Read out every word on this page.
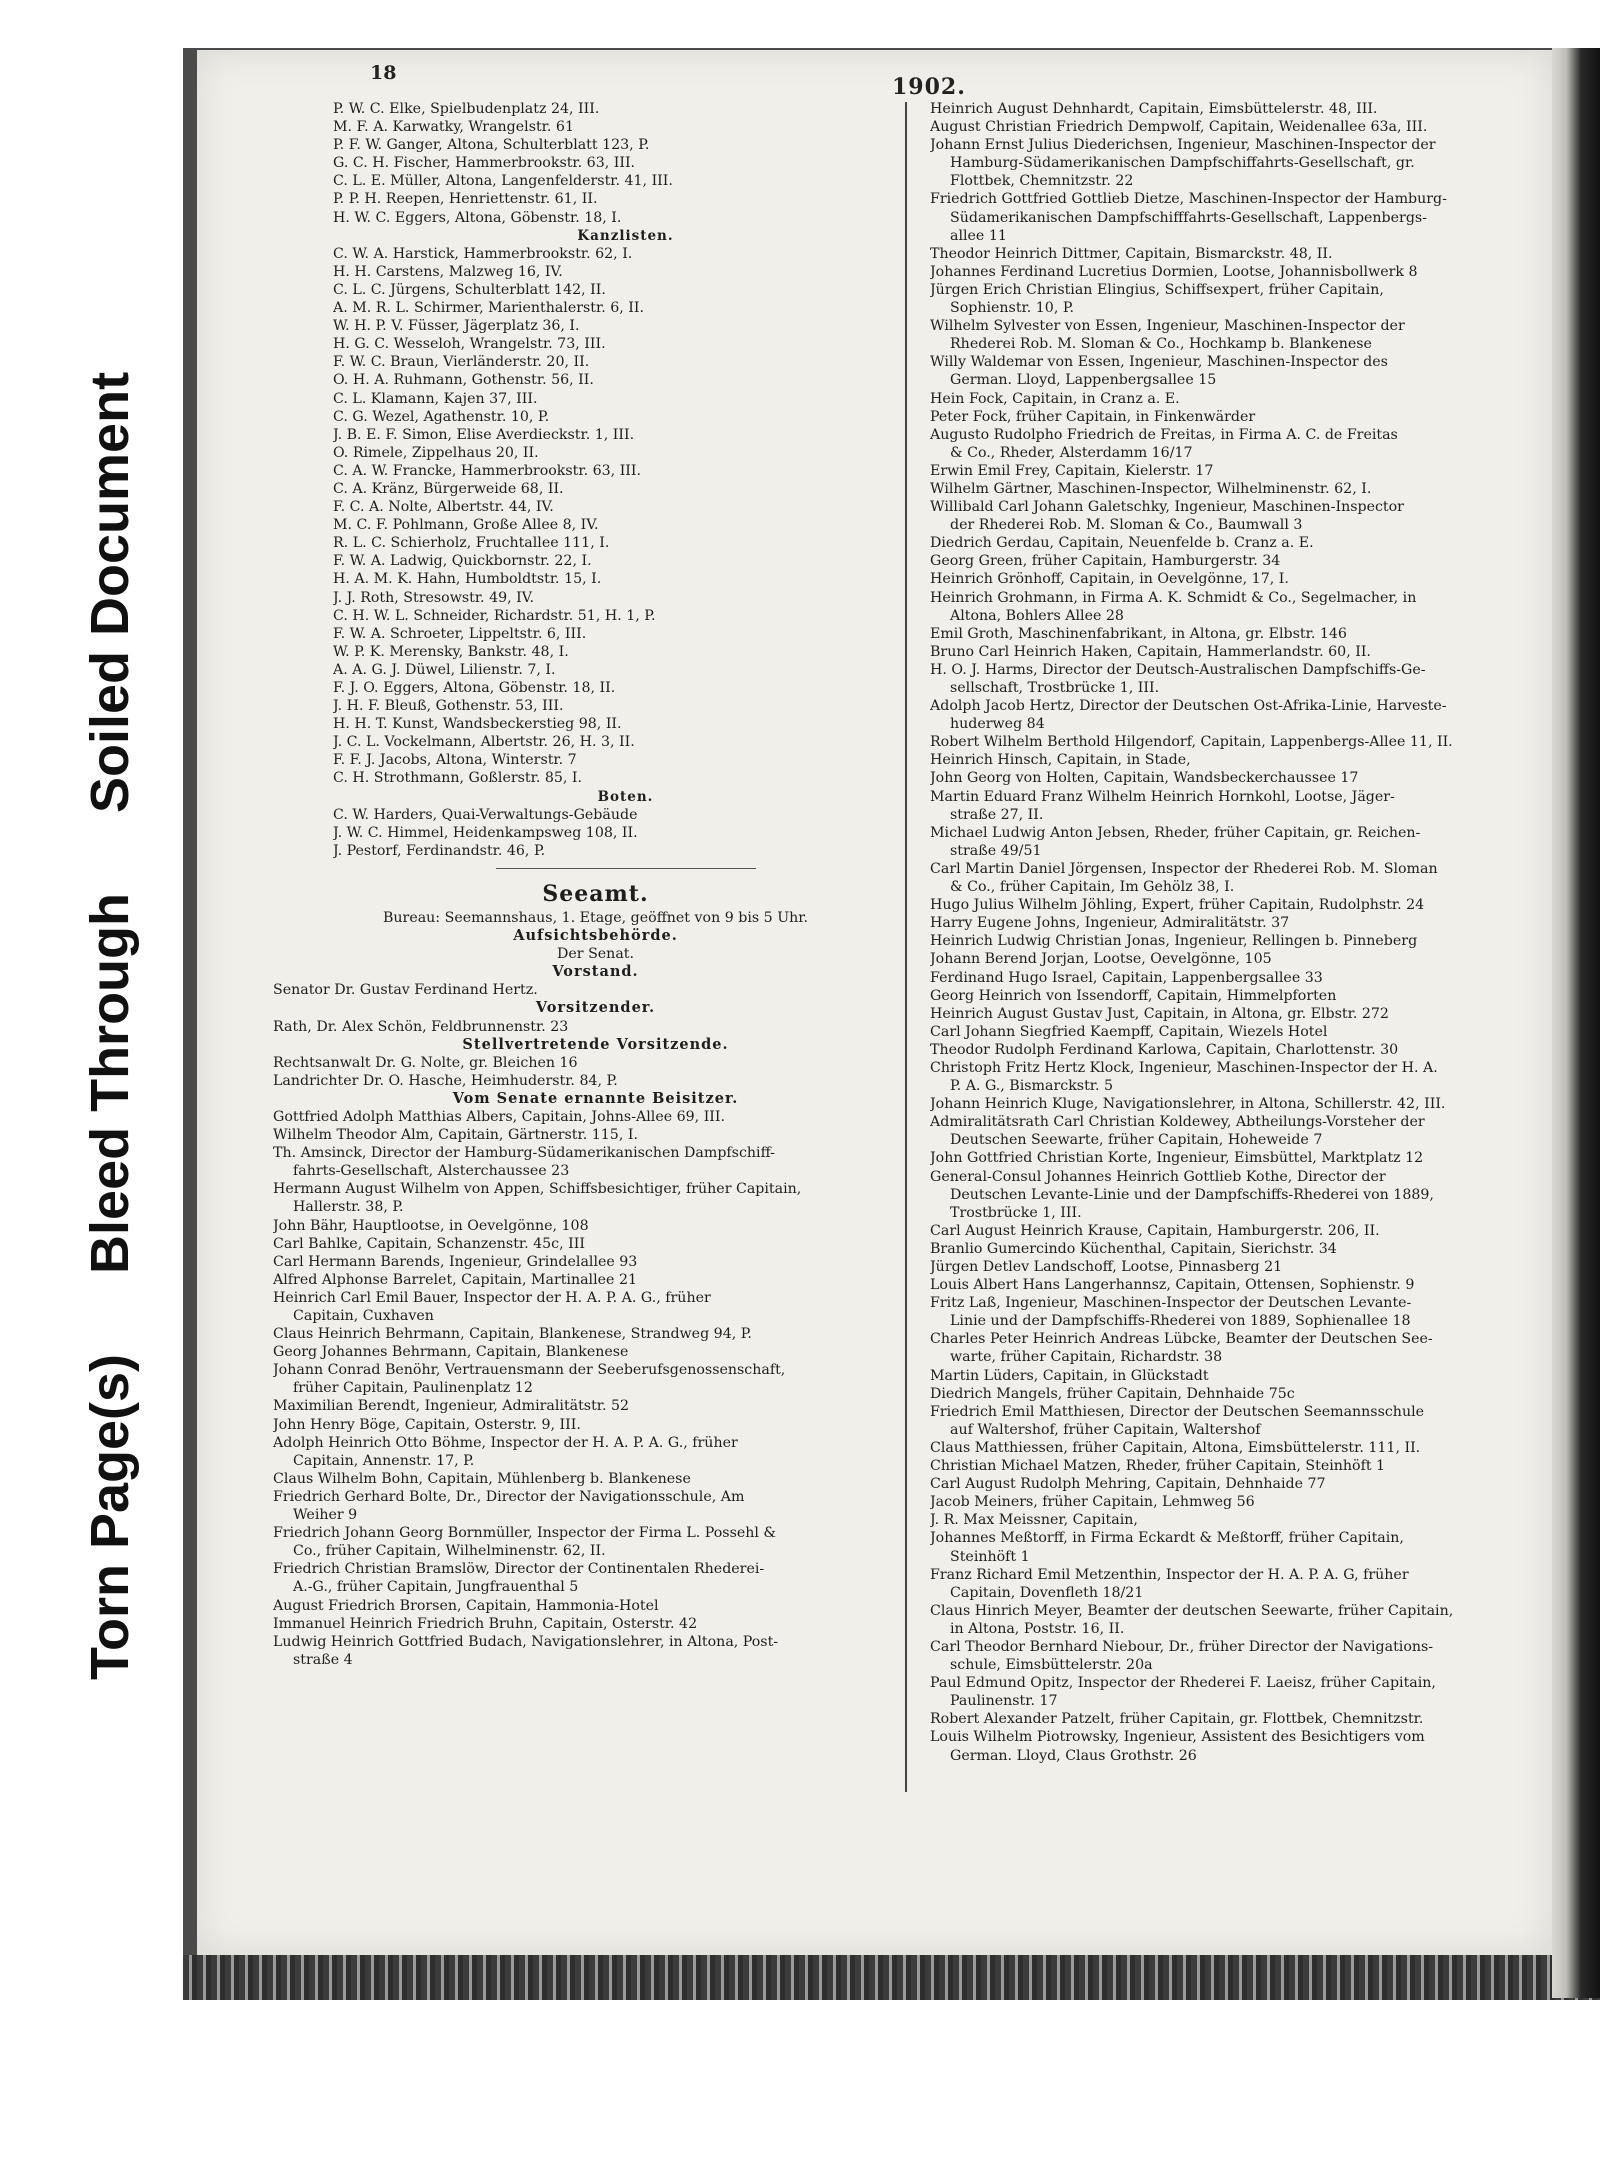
Torn Page(s)
Bleed Through
Soiled Document
18
1902.
P. W. C. Elke, Spielbudenplatz 24, III.
M. F. A. Karwatky, Wrangelstr. 61
P. F. W. Ganger, Altona, Schulterblatt 123, P.
G. C. H. Fischer, Hammerbrookstr. 63, III.
C. L. E. Müller, Altona, Langenfelderstr. 41, III.
P. P. H. Reepen, Henriettenstr. 61, II.
H. W. C. Eggers, Altona, Göbenstr. 18, I.
Kanzlisten.
C. W. A. Harstick, Hammerbrookstr. 62, I.
H. H. Carstens, Malzweg 16, IV.
C. L. C. Jürgens, Schulterblatt 142, II.
A. M. R. L. Schirmer, Marienthalerstr. 6, II.
W. H. P. V. Füsser, Jägerplatz 36, I.
H. G. C. Wesseloh, Wrangelstr. 73, III.
F. W. C. Braun, Vierländerstr. 20, II.
O. H. A. Ruhmann, Gothenstr. 56, II.
C. L. Klamann, Kajen 37, III.
C. G. Wezel, Agathenstr. 10, P.
J. B. E. F. Simon, Elise Averdieckstr. 1, III.
O. Rimele, Zippelhaus 20, II.
C. A. W. Francke, Hammerbrookstr. 63, III.
C. A. Kränz, Bürgerweide 68, II.
F. C. A. Nolte, Albertstr. 44, IV.
M. C. F. Pohlmann, Große Allee 8, IV.
R. L. C. Schierholz, Fruchtallee 111, I.
F. W. A. Ladwig, Quickbornstr. 22, I.
H. A. M. K. Hahn, Humboldtstr. 15, I.
J. J. Roth, Stresowstr. 49, IV.
C. H. W. L. Schneider, Richardstr. 51, H. 1, P.
F. W. A. Schroeter, Lippeltstr. 6, III.
W. P. K. Merensky, Bankstr. 48, I.
A. A. G. J. Düwel, Lilienstr. 7, I.
F. J. O. Eggers, Altona, Göbenstr. 18, II.
J. H. F. Bleuß, Gothenstr. 53, III.
H. H. T. Kunst, Wandsbeckerstieg 98, II.
J. C. L. Vockelmann, Albertstr. 26, H. 3, II.
F. F. J. Jacobs, Altona, Winterstr. 7
C. H. Strothmann, Goßlerstr. 85, I.
Boten.
C. W. Harders, Quai-Verwaltungs-Gebäude
J. W. C. Himmel, Heidenkampsweg 108, II.
J. Pestorf, Ferdinandstr. 46, P.
Seeamt.
Bureau: Seemannshaus, 1. Etage, geöffnet von 9 bis 5 Uhr.
Aufsichtsbehörde.
Der Senat.
Vorstand.
Senator Dr. Gustav Ferdinand Hertz.
Vorsitzender.
Rath, Dr. Alex Schön, Feldbrunnenstr. 23
Stellvertretende Vorsitzende.
Rechtsanwalt Dr. G. Nolte, gr. Bleichen 16
Landrichter Dr. O. Hasche, Heimhuderstr. 84, P.
Vom Senate ernannte Beisitzer.
Gottfried Adolph Matthias Albers, Capitain, Johns-Allee 69, III.
Wilhelm Theodor Alm, Capitain, Gärtnerstr. 115, I.
Th. Amsinck, Director der Hamburg-Südamerikanischen Dampfschiff-
fahrts-Gesellschaft, Alsterchaussee 23
Hermann August Wilhelm von Appen, Schiffsbesichtiger, früher Capitain,
Hallerstr. 38, P.
John Bähr, Hauptlootse, in Oevelgönne, 108
Carl Bahlke, Capitain, Schanzenstr. 45c, III
Carl Hermann Barends, Ingenieur, Grindelallee 93
Alfred Alphonse Barrelet, Capitain, Martinallee 21
Heinrich Carl Emil Bauer, Inspector der H. A. P. A. G., früher
Capitain, Cuxhaven
Claus Heinrich Behrmann, Capitain, Blankenese, Strandweg 94, P.
Georg Johannes Behrmann, Capitain, Blankenese
Johann Conrad Benöhr, Vertrauensmann der Seeberufsgenossenschaft,
früher Capitain, Paulinenplatz 12
Maximilian Berendt, Ingenieur, Admiralitätstr. 52
John Henry Böge, Capitain, Osterstr. 9, III.
Adolph Heinrich Otto Böhme, Inspector der H. A. P. A. G., früher
Capitain, Annenstr. 17, P.
Claus Wilhelm Bohn, Capitain, Mühlenberg b. Blankenese
Friedrich Gerhard Bolte, Dr., Director der Navigationsschule, Am
Weiher 9
Friedrich Johann Georg Bornmüller, Inspector der Firma L. Possehl &
Co., früher Capitain, Wilhelminenstr. 62, II.
Friedrich Christian Bramslöw, Director der Continentalen Rhederei-
A.-G., früher Capitain, Jungfrauenthal 5
August Friedrich Brorsen, Capitain, Hammonia-Hotel
Immanuel Heinrich Friedrich Bruhn, Capitain, Osterstr. 42
Ludwig Heinrich Gottfried Budach, Navigationslehrer, in Altona, Post-
straße 4
Heinrich August Dehnhardt, Capitain, Eimsbüttelerstr. 48, III.
August Christian Friedrich Dempwolf, Capitain, Weidenallee 63a, III.
Johann Ernst Julius Diederichsen, Ingenieur, Maschinen-Inspector der
Hamburg-Südamerikanischen Dampfschiffahrts-Gesellschaft, gr.
Flottbek, Chemnitzstr. 22
Friedrich Gottfried Gottlieb Dietze, Maschinen-Inspector der Hamburg-
Südamerikanischen Dampfschifffahrts-Gesellschaft, Lappenbergs-
allee 11
Theodor Heinrich Dittmer, Capitain, Bismarckstr. 48, II.
Johannes Ferdinand Lucretius Dormien, Lootse, Johannisbollwerk 8
Jürgen Erich Christian Elingius, Schiffsexpert, früher Capitain,
Sophienstr. 10, P.
Wilhelm Sylvester von Essen, Ingenieur, Maschinen-Inspector der
Rhederei Rob. M. Sloman & Co., Hochkamp b. Blankenese
Willy Waldemar von Essen, Ingenieur, Maschinen-Inspector des
German. Lloyd, Lappenbergsallee 15
Hein Fock, Capitain, in Cranz a. E.
Peter Fock, früher Capitain, in Finkenwärder
Augusto Rudolpho Friedrich de Freitas, in Firma A. C. de Freitas
& Co., Rheder, Alsterdamm 16/17
Erwin Emil Frey, Capitain, Kielerstr. 17
Wilhelm Gärtner, Maschinen-Inspector, Wilhelminenstr. 62, I.
Willibald Carl Johann Galetschky, Ingenieur, Maschinen-Inspector
der Rhederei Rob. M. Sloman & Co., Baumwall 3
Diedrich Gerdau, Capitain, Neuenfelde b. Cranz a. E.
Georg Green, früher Capitain, Hamburgerstr. 34
Heinrich Grönhoff, Capitain, in Oevelgönne, 17, I.
Heinrich Grohmann, in Firma A. K. Schmidt & Co., Segelmacher, in
Altona, Bohlers Allee 28
Emil Groth, Maschinenfabrikant, in Altona, gr. Elbstr. 146
Bruno Carl Heinrich Haken, Capitain, Hammerlandstr. 60, II.
H. O. J. Harms, Director der Deutsch-Australischen Dampfschiffs-Ge-
sellschaft, Trostbrücke 1, III.
Adolph Jacob Hertz, Director der Deutschen Ost-Afrika-Linie, Harveste-
huderweg 84
Robert Wilhelm Berthold Hilgendorf, Capitain, Lappenbergs-Allee 11, II.
Heinrich Hinsch, Capitain, in Stade,
John Georg von Holten, Capitain, Wandsbeckerchaussee 17
Martin Eduard Franz Wilhelm Heinrich Hornkohl, Lootse, Jäger-
straße 27, II.
Michael Ludwig Anton Jebsen, Rheder, früher Capitain, gr. Reichen-
straße 49/51
Carl Martin Daniel Jörgensen, Inspector der Rhederei Rob. M. Sloman
& Co., früher Capitain, Im Gehölz 38, I.
Hugo Julius Wilhelm Jöhling, Expert, früher Capitain, Rudolphstr. 24
Harry Eugene Johns, Ingenieur, Admiralitätstr. 37
Heinrich Ludwig Christian Jonas, Ingenieur, Rellingen b. Pinneberg
Johann Berend Jorjan, Lootse, Oevelgönne, 105
Ferdinand Hugo Israel, Capitain, Lappenbergsallee 33
Georg Heinrich von Issendorff, Capitain, Himmelpforten
Heinrich August Gustav Just, Capitain, in Altona, gr. Elbstr. 272
Carl Johann Siegfried Kaempff, Capitain, Wiezels Hotel
Theodor Rudolph Ferdinand Karlowa, Capitain, Charlottenstr. 30
Christoph Fritz Hertz Klock, Ingenieur, Maschinen-Inspector der H. A.
P. A. G., Bismarckstr. 5
Johann Heinrich Kluge, Navigationslehrer, in Altona, Schillerstr. 42, III.
Admiralitätsrath Carl Christian Koldewey, Abtheilungs-Vorsteher der
Deutschen Seewarte, früher Capitain, Hoheweide 7
John Gottfried Christian Korte, Ingenieur, Eimsbüttel, Marktplatz 12
General-Consul Johannes Heinrich Gottlieb Kothe, Director der
Deutschen Levante-Linie und der Dampfschiffs-Rhederei von 1889,
Trostbrücke 1, III.
Carl August Heinrich Krause, Capitain, Hamburgerstr. 206, II.
Branlio Gumercindo Küchenthal, Capitain, Sierichstr. 34
Jürgen Detlev Landschoff, Lootse, Pinnasberg 21
Louis Albert Hans Langerhannsz, Capitain, Ottensen, Sophienstr. 9
Fritz Laß, Ingenieur, Maschinen-Inspector der Deutschen Levante-
Linie und der Dampfschiffs-Rhederei von 1889, Sophienallee 18
Charles Peter Heinrich Andreas Lübcke, Beamter der Deutschen See-
warte, früher Capitain, Richardstr. 38
Martin Lüders, Capitain, in Glückstadt
Diedrich Mangels, früher Capitain, Dehnhaide 75c
Friedrich Emil Matthiesen, Director der Deutschen Seemannsschule
auf Waltershof, früher Capitain, Waltershof
Claus Matthiessen, früher Capitain, Altona, Eimsbüttelerstr. 111, II.
Christian Michael Matzen, Rheder, früher Capitain, Steinhöft 1
Carl August Rudolph Mehring, Capitain, Dehnhaide 77
Jacob Meiners, früher Capitain, Lehmweg 56
J. R. Max Meissner, Capitain,
Johannes Meßtorff, in Firma Eckardt & Meßtorff, früher Capitain,
Steinhöft 1
Franz Richard Emil Metzenthin, Inspector der H. A. P. A. G, früher
Capitain, Dovenfleth 18/21
Claus Hinrich Meyer, Beamter der deutschen Seewarte, früher Capitain,
in Altona, Poststr. 16, II.
Carl Theodor Bernhard Niebour, Dr., früher Director der Navigations-
schule, Eimsbüttelerstr. 20a
Paul Edmund Opitz, Inspector der Rhederei F. Laeisz, früher Capitain,
Paulinenstr. 17
Robert Alexander Patzelt, früher Capitain, gr. Flottbek, Chemnitzstr.
Louis Wilhelm Piotrowsky, Ingenieur, Assistent des Besichtigers vom
German. Lloyd, Claus Grothstr. 26
